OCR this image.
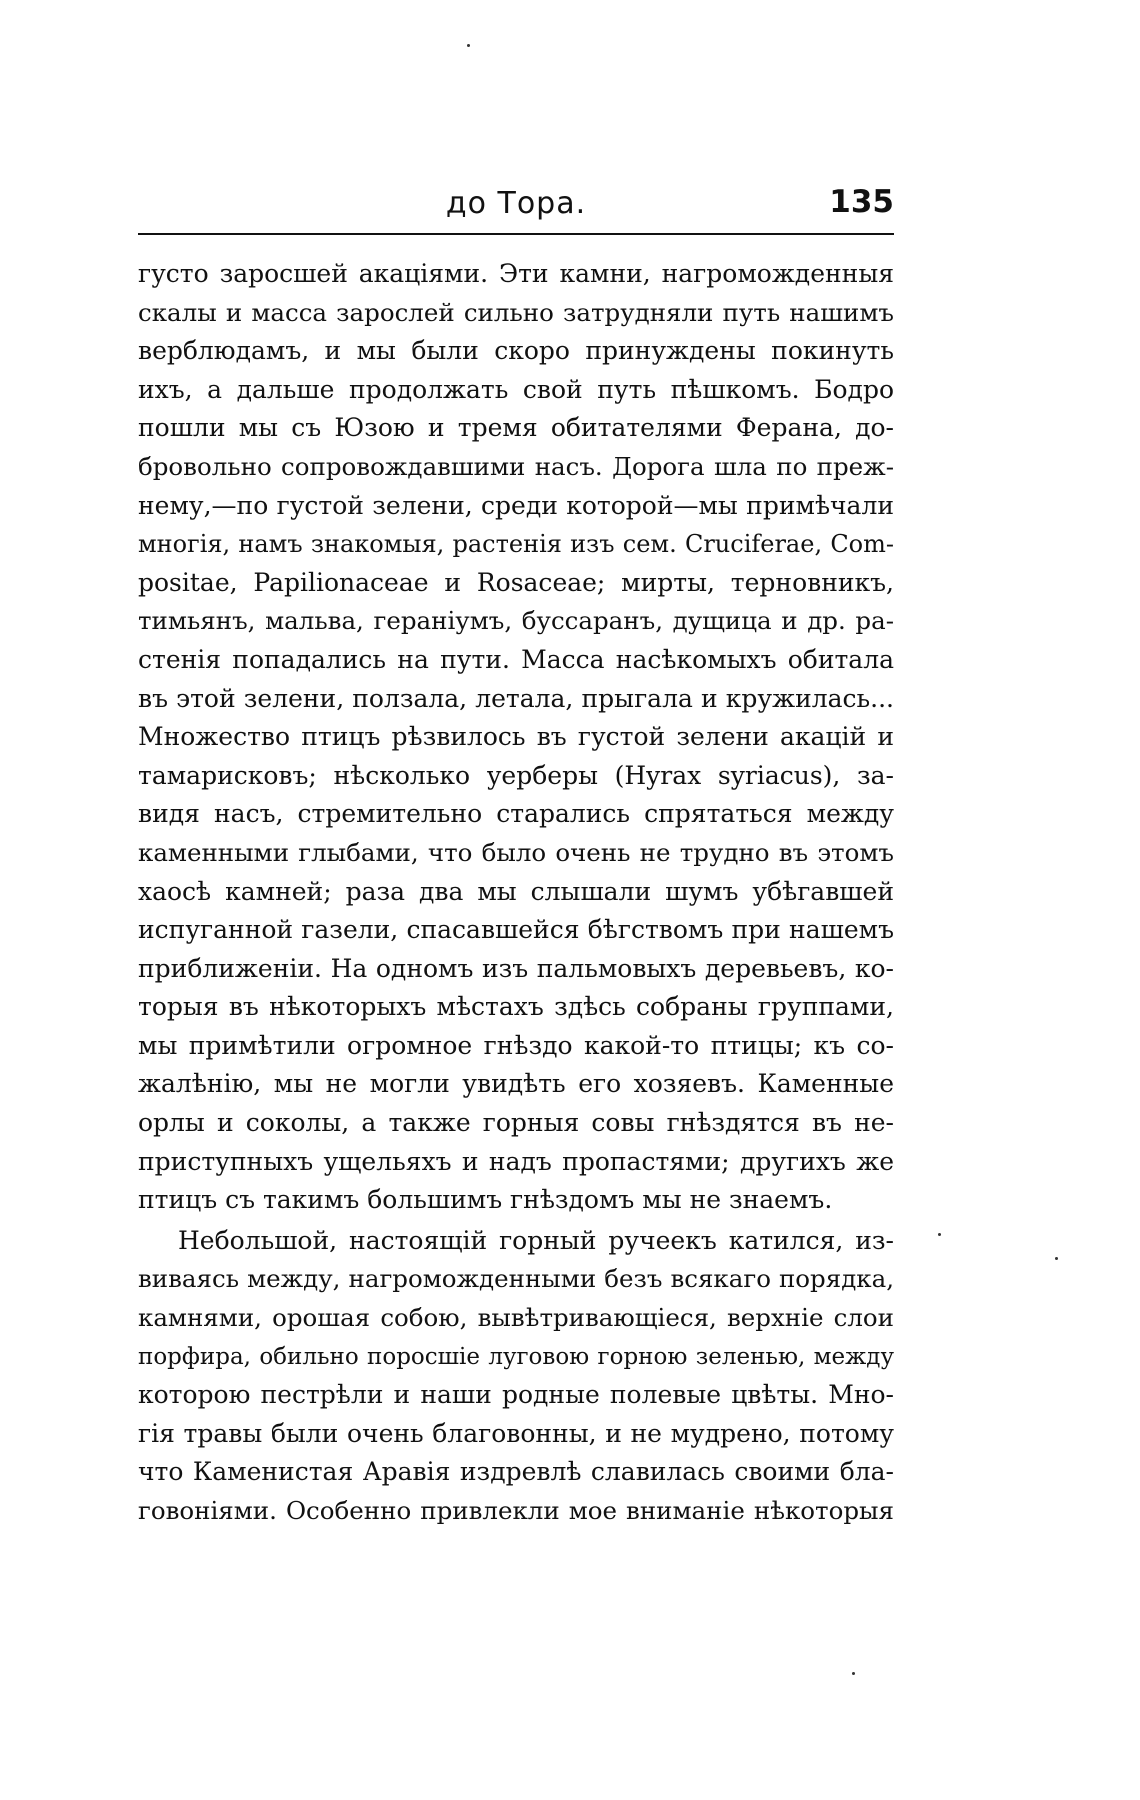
до Тора.	135
густо заросшей акаціями. Эти камни, нагроможденныя
скалы и масса зарослей сильно затрудняли путь нашимъ
верблюдамъ, и мы были скоро принуждены покинуть
ихъ, а дальше продолжать свой путь пѣшкомъ. Бодро
пошли мы съ Юзою и тремя обитателями Ферана, до-
бровольно сопровождавшими насъ. Дорога шла по преж-
нему,—по густой зелени, среди которой—мы примѣчали
многія, намъ знакомыя, растенія изъ сем. Cruciferae, Com-
positae, Papilionaceae и Rosaceae; мирты, терновникъ,
тимьянъ, мальва, гераніумъ, буссаранъ, дущица и др. ра-
стенія попадались на пути. Масса насѣкомыхъ обитала
въ этой зелени, ползала, летала, прыгала и кружилась...
Множество птицъ рѣзвилось въ густой зелени акацій и
тамарисковъ; нѣсколько уерберы (Hyrax syriacus), за-
видя насъ, стремительно старались спрятаться между
каменными глыбами, что было очень не трудно въ этомъ
хаосѣ камней; раза два мы слышали шумъ убѣгавшей
испуганной газели, спасавшейся бѣгствомъ при нашемъ
приближеніи. На одномъ изъ пальмовыхъ деревьевъ, ко-
торыя въ нѣкоторыхъ мѣстахъ здѣсь собраны группами,
мы примѣтили огромное гнѣздо какой-то птицы; къ со-
жалѣнію, мы не могли увидѣть его хозяевъ. Каменные
орлы и соколы, а также горныя совы гнѣздятся въ не-
приступныхъ ущельяхъ и надъ пропастями; другихъ же
птицъ съ такимъ большимъ гнѣздомъ мы не знаемъ.
Небольшой, настоящій горный ручеекъ катился, из-
виваясь между, нагроможденными безъ всякаго порядка,
камнями, орошая собою, вывѣтривающіеся, верхніе слои
порфира, обильно поросшіе луговою горною зеленью, между
которою пестрѣли и наши родные полевые цвѣты. Мно-
гія травы были очень благовонны, и не мудрено, потому
что Каменистая Аравія издревлѣ славилась своими бла-
говоніями. Особенно привлекли мое вниманіе нѣкоторыя
